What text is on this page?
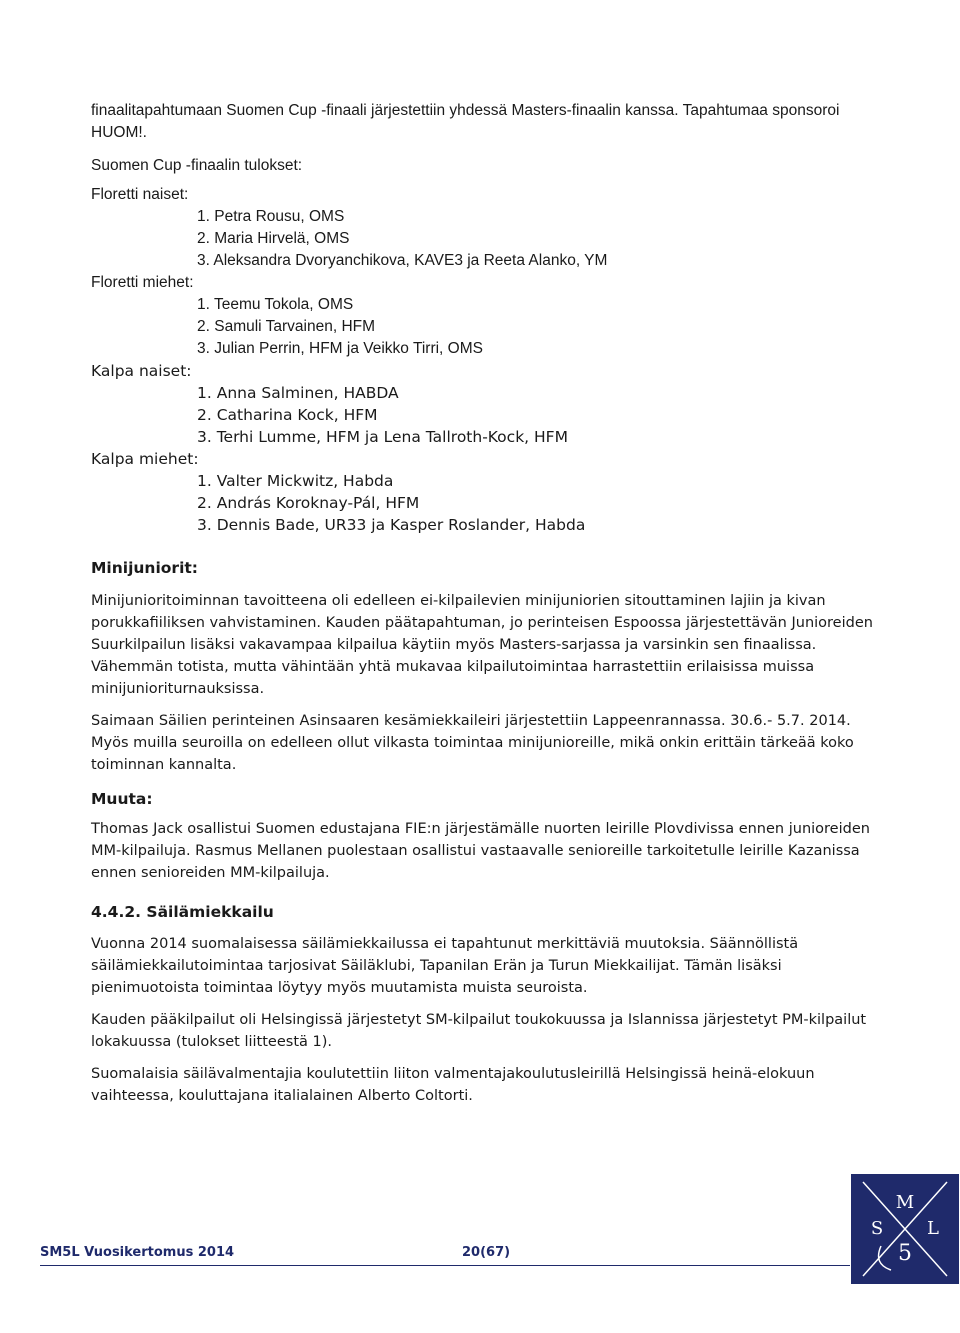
finaalitapahtumaan Suomen Cup -finaali järjestettiin yhdessä Masters-finaalin kanssa. Tapahtumaa sponsoroi HUOM!.
Suomen Cup -finaalin tulokset:
Floretti naiset:
1. Petra Rousu, OMS
2. Maria Hirvelä, OMS
3. Aleksandra Dvoryanchikova, KAVE3 ja Reeta Alanko, YM
Floretti miehet:
1. Teemu Tokola, OMS
2. Samuli Tarvainen, HFM
3. Julian Perrin, HFM ja Veikko Tirri, OMS
Kalpa naiset:
1. Anna Salminen, HABDA
2. Catharina Kock, HFM
3. Terhi Lumme, HFM ja Lena Tallroth-Kock, HFM
Kalpa miehet:
1. Valter Mickwitz, Habda
2. András Koroknay-Pál, HFM
3. Dennis Bade, UR33 ja Kasper Roslander, Habda
Minijuniorit:
Minijunioritoiminnan tavoitteena oli edelleen ei-kilpailevien minijuniorien sitouttaminen lajiin ja kivan porukkafiiliksen vahvistaminen. Kauden päätapahtuman, jo perinteisen Espoossa järjestettävän Junioreiden Suurkilpailun lisäksi vakavampaa kilpailua käytiin myös Masters-sarjassa ja varsinkin sen finaalissa. Vähemmän totista, mutta vähintään yhtä mukavaa kilpailutoimintaa harrastettiin erilaisissa muissa minijunioriturnauksissa.
Saimaan Säilien perinteinen Asinsaaren kesämiekkaileiri järjestettiin Lappeenrannassa. 30.6.- 5.7. 2014. Myös muilla seuroilla on edelleen ollut vilkasta toimintaa minijunioreille, mikä onkin erittäin tärkeää koko toiminnan kannalta.
Muuta:
Thomas Jack osallistui Suomen edustajana FIE:n järjestämälle nuorten leirille Plovdivissa ennen junioreiden MM-kilpailuja. Rasmus Mellanen puolestaan osallistui vastaavalle senioreille tarkoitetulle leirille Kazanissa ennen senioreiden MM-kilpailuja.
4.4.2. Säilämiekkailu
Vuonna 2014 suomalaisessa säilämiekkailussa ei tapahtunut merkittäviä muutoksia. Säännöllistä säilämiekkailutoimintaa tarjosivat Säiläklubi, Tapanilan Erän ja Turun Miekkailijat. Tämän lisäksi pienimuotoista toimintaa löytyy myös muutamista muista seuroista.
Kauden pääkilpailut oli Helsingissä järjestetyt SM-kilpailut toukokuussa ja Islannissa järjestetyt PM-kilpailut lokakuussa (tulokset liitteestä 1).
Suomalaisia säilävalmentajia koulutettiin liiton valmentajakoulutusleirillä Helsingissä heinä-elokuun vaihteessa, kouluttajana italialainen Alberto Coltorti.
SM5L Vuosikertomus 2014	20(67)
M
S L
5
